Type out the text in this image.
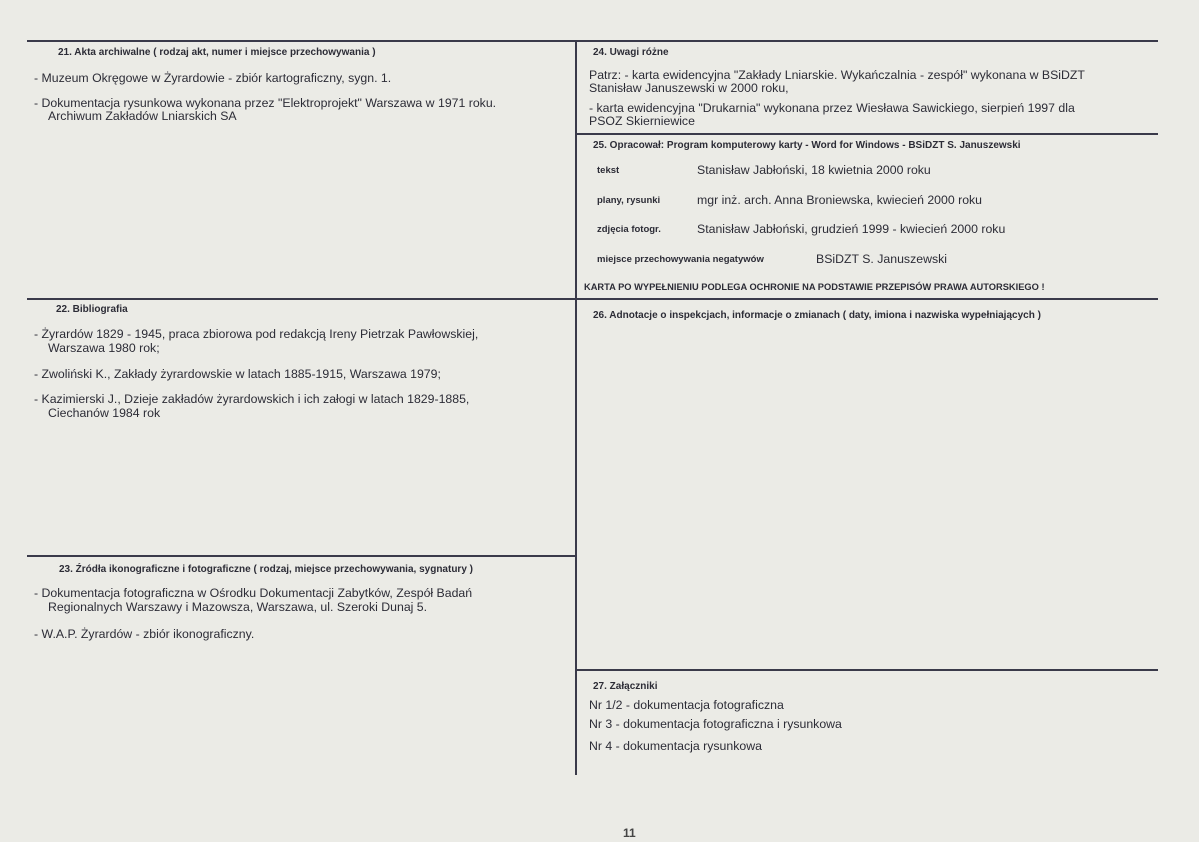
21. Akta archiwalne ( rodzaj akt, numer i miejsce przechowywania )
- Muzeum Okręgowe w Żyrardowie - zbiór kartograficzny, sygn. 1.
- Dokumentacja rysunkowa wykonana przez "Elektroprojekt" Warszawa w 1971 roku.
Archiwum Zakładów Lniarskich SA
22. Bibliografia
- Żyrardów 1829 - 1945, praca zbiorowa pod redakcją Ireny Pietrzak Pawłowskiej,
Warszawa 1980 rok;
- Zwoliński K., Zakłady żyrardowskie w latach 1885-1915, Warszawa 1979;
- Kazimierski J., Dzieje zakładów żyrardowskich i ich załogi w latach 1829-1885,
Ciechanów 1984 rok
23. Źródła ikonograficzne i fotograficzne ( rodzaj, miejsce przechowywania, sygnatury )
- Dokumentacja fotograficzna w Ośrodku Dokumentacji Zabytków, Zespół Badań
Regionalnych Warszawy i Mazowsza, Warszawa, ul. Szeroki Dunaj 5.
- W.A.P. Żyrardów - zbiór ikonograficzny.
24. Uwagi różne
Patrz: - karta ewidencyjna "Zakłady Lniarskie. Wykańczalnia - zespół" wykonana w BSiDZT
Stanisław Januszewski w 2000 roku,
- karta ewidencyjna "Drukarnia" wykonana przez Wiesława Sawickiego, sierpień 1997 dla
PSOZ Skierniewice
25. Opracował: Program komputerowy karty - Word for Windows - BSiDZT S. Januszewski
tekst	Stanisław Jabłoński, 18 kwietnia 2000 roku
plany, rysunki	mgr inż. arch. Anna Broniewska, kwiecień 2000 roku
zdjęcia fotogr.	Stanisław Jabłoński, grudzień 1999 - kwiecień 2000 roku
miejsce przechowywania negatywów	BSiDZT S. Januszewski
KARTA PO WYPEŁNIENIU PODLEGA OCHRONIE NA PODSTAWIE PRZEPISÓW PRAWA AUTORSKIEGO !
26. Adnotacje o inspekcjach, informacje o zmianach ( daty, imiona i nazwiska wypełniających )
27. Załączniki
Nr 1/2 - dokumentacja fotograficzna
Nr 3 - dokumentacja fotograficzna i rysunkowa
Nr 4 - dokumentacja rysunkowa
11
